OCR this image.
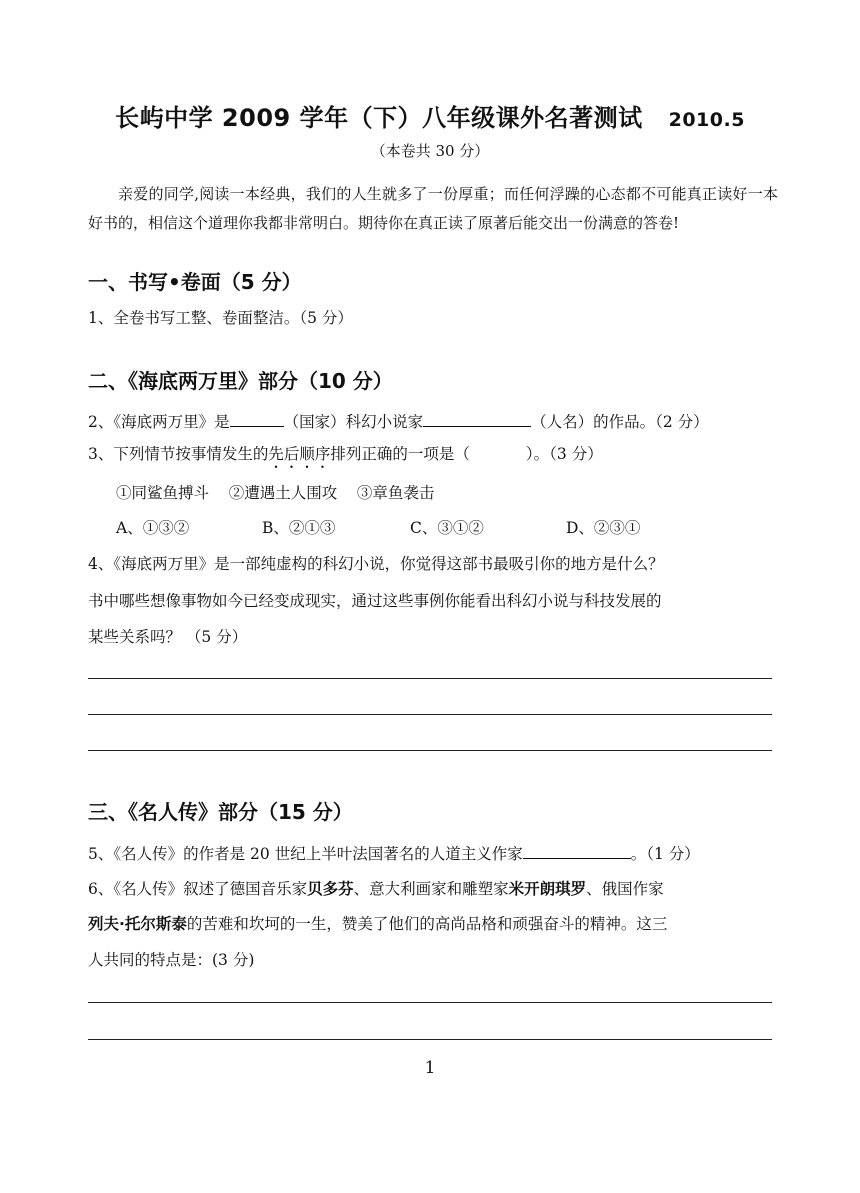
长屿中学 2009 学年（下）八年级课外名著测试 2010.5
（本卷共 30 分）
亲爱的同学,阅读一本经典，我们的人生就多了一份厚重；而任何浮躁的心态都不可能真正读好一本好书的，相信这个道理你我都非常明白。期待你在真正读了原著后能交出一份满意的答卷!
一、书写•卷面（5 分）
1、全卷书写工整、卷面整洁。（5 分）
二、《海底两万里》部分（10 分）
2、《海底两万里》是	（国家）科幻小说家	（人名）的作品。（2 分）
3、下列情节按事情发生的先后顺序排列正确的一项是（	）。（3 分）
①同鲨鱼搏斗    ②遭遇土人围攻    ③章鱼袭击
A、①③②	B、②①③	C、③①②	D、②③①
4、《海底两万里》是一部纯虚构的科幻小说，你觉得这部书最吸引你的地方是什么？
书中哪些想像事物如今已经变成现实，通过这些事例你能看出科幻小说与科技发展的
某些关系吗？ （5 分）
三、《名人传》部分（15 分）
5、《名人传》的作者是 20 世纪上半叶法国著名的人道主义作家	。（1 分）
6、《名人传》叙述了德国音乐家贝多芬、意大利画家和雕塑家米开朗琪罗、俄国作家
列夫·托尔斯泰的苦难和坎坷的一生，赞美了他们的高尚品格和顽强奋斗的精神。这三
人共同的特点是：(3 分)
1
